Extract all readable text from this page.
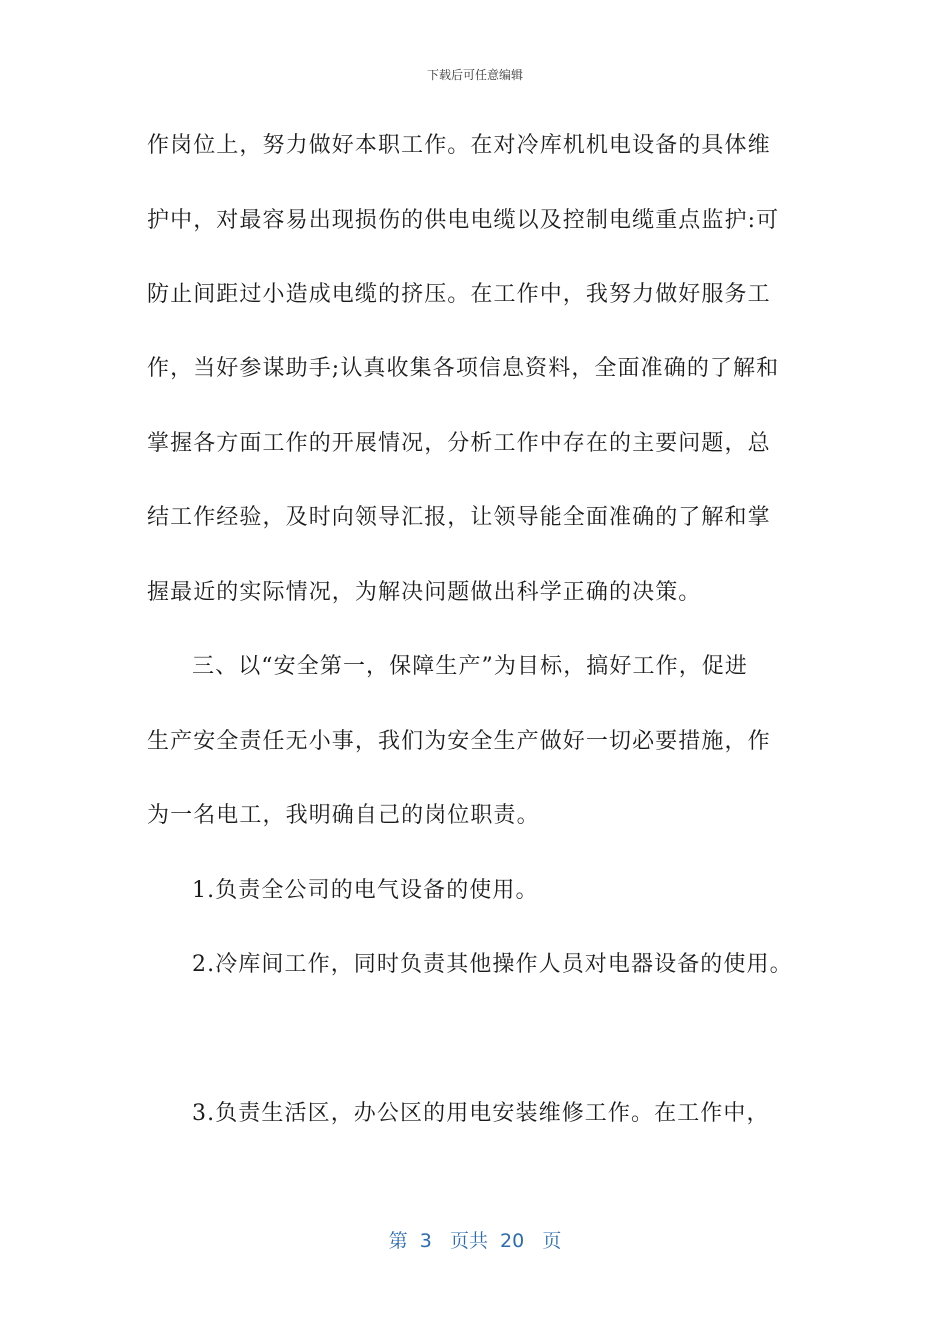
下载后可任意编辑
作岗位上，努力做好本职工作。在对冷库机机电设备的具体维
护中，对最容易出现损伤的供电电缆以及控制电缆重点监护:可
防止间距过小造成电缆的挤压。在工作中，我努力做好服务工
作，当好参谋助手;认真收集各项信息资料，全面准确的了解和
掌握各方面工作的开展情况，分析工作中存在的主要问题，总
结工作经验，及时向领导汇报，让领导能全面准确的了解和掌
握最近的实际情况，为解决问题做出科学正确的决策。
三、以“安全第一，保障生产”为目标，搞好工作，促进
生产安全责任无小事，我们为安全生产做好一切必要措施，作
为一名电工，我明确自己的岗位职责。
1.负责全公司的电气设备的使用。
2.冷库间工作，同时负责其他操作人员对电器设备的使用。
3.负责生活区，办公区的用电安装维修工作。在工作中，
第  3   页共  20   页
